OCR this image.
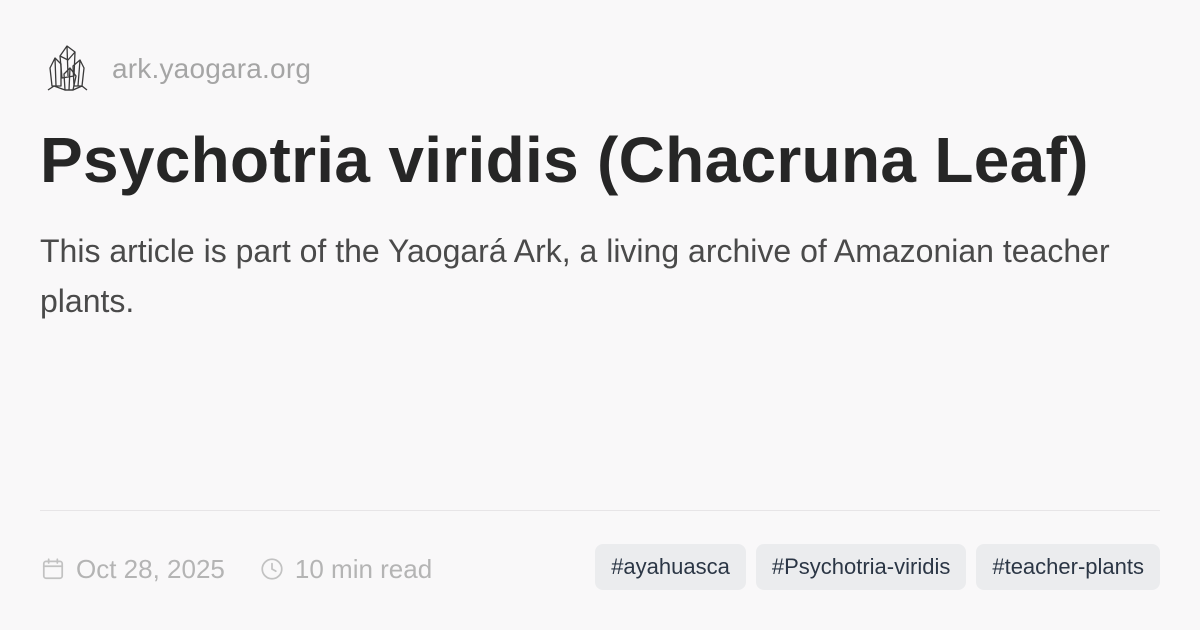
ark.yaogara.org
Psychotria viridis (Chacruna Leaf)

This article is part of the Yaogará Ark, a living archive of Amazonian teacher plants.

Oct 28, 2025	10 min read	#ayahuasca	#Psychotria-viridis	#teacher-plants
